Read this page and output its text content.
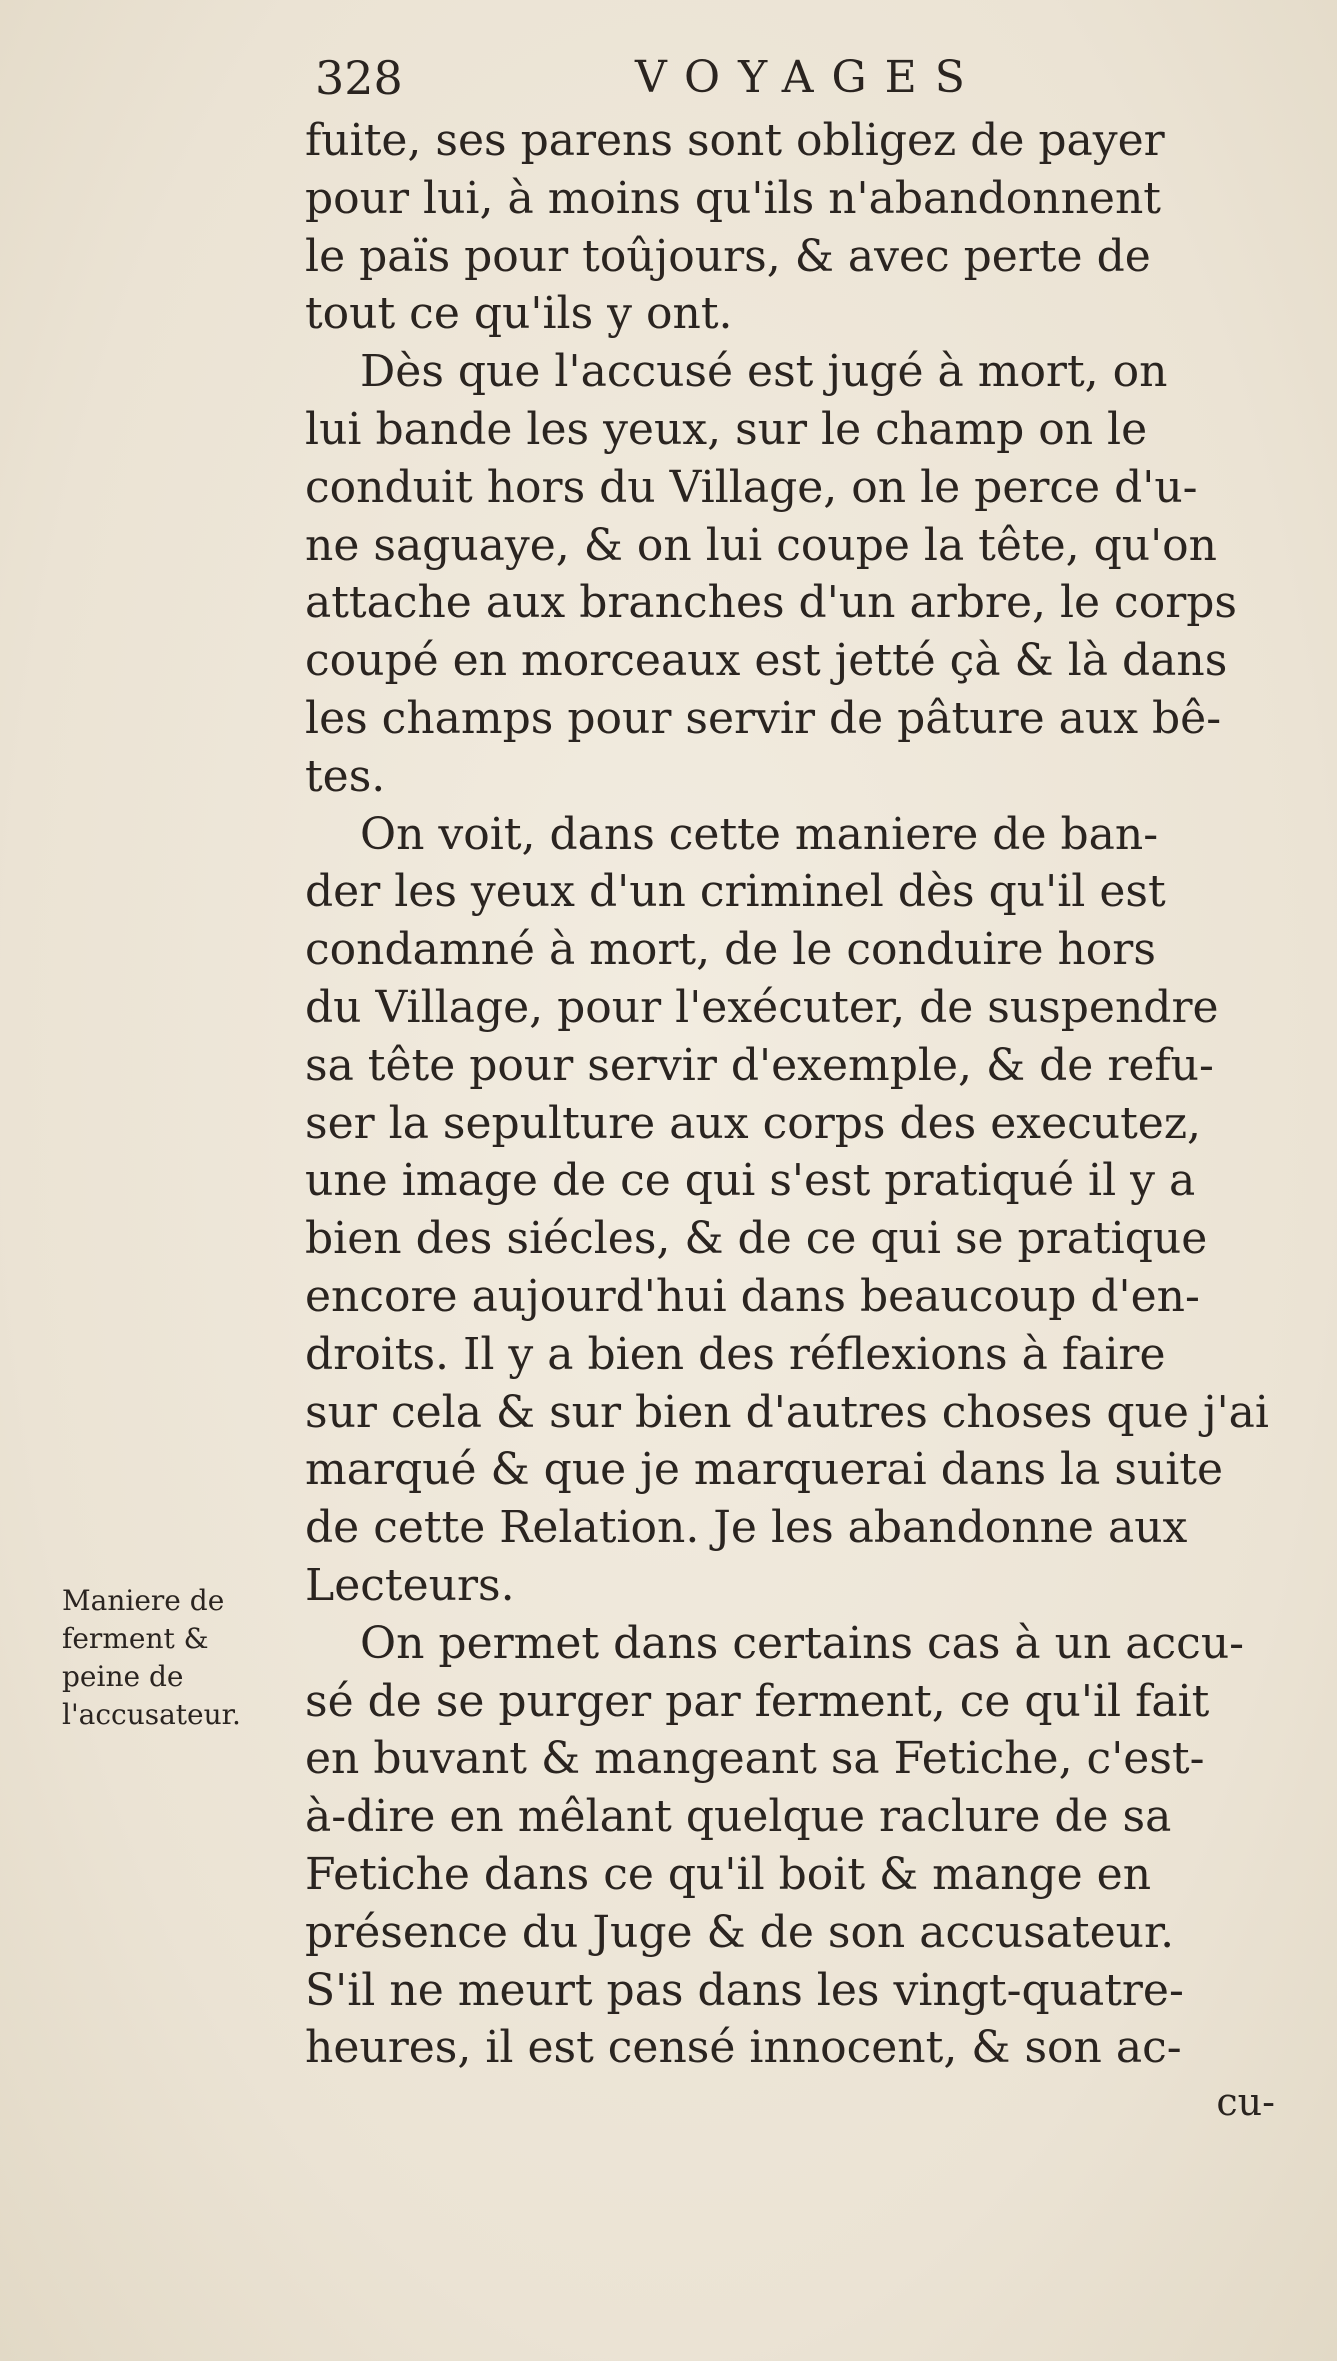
328	VOYAGES
fuite, ses parens sont obligez de payer
pour lui, à moins qu'ils n'abandonnent
le païs pour toûjours, & avec perte de
tout ce qu'ils y ont.
Dès que l'accusé est jugé à mort, on
lui bande les yeux, sur le champ on le
conduit hors du Village, on le perce d'u-
ne saguaye, & on lui coupe la tête, qu'on
attache aux branches d'un arbre, le corps
coupé en morceaux est jetté çà & là dans
les champs pour servir de pâture aux bê-
tes.
On voit, dans cette maniere de ban-
der les yeux d'un criminel dès qu'il est
condamné à mort, de le conduire hors
du Village, pour l'exécuter, de suspendre
sa tête pour servir d'exemple, & de refu-
ser la sepulture aux corps des executez,
une image de ce qui s'est pratiqué il y a
bien des siécles, & de ce qui se pratique
encore aujourd'hui dans beaucoup d'en-
droits. Il y a bien des réflexions à faire
sur cela & sur bien d'autres choses que j'ai
marqué & que je marquerai dans la suite
de cette Relation. Je les abandonne aux
Lecteurs.
On permet dans certains cas à un accu-
sé de se purger par ferment, ce qu'il fait
en buvant & mangeant sa Fetiche, c'est-
à-dire en mêlant quelque raclure de sa
Fetiche dans ce qu'il boit & mange en
présence du Juge & de son accusateur.
S'il ne meurt pas dans les vingt-quatre-
heures, il est censé innocent, & son ac-
cu-
Maniere de
ferment &
peine de
l'accusateur.
